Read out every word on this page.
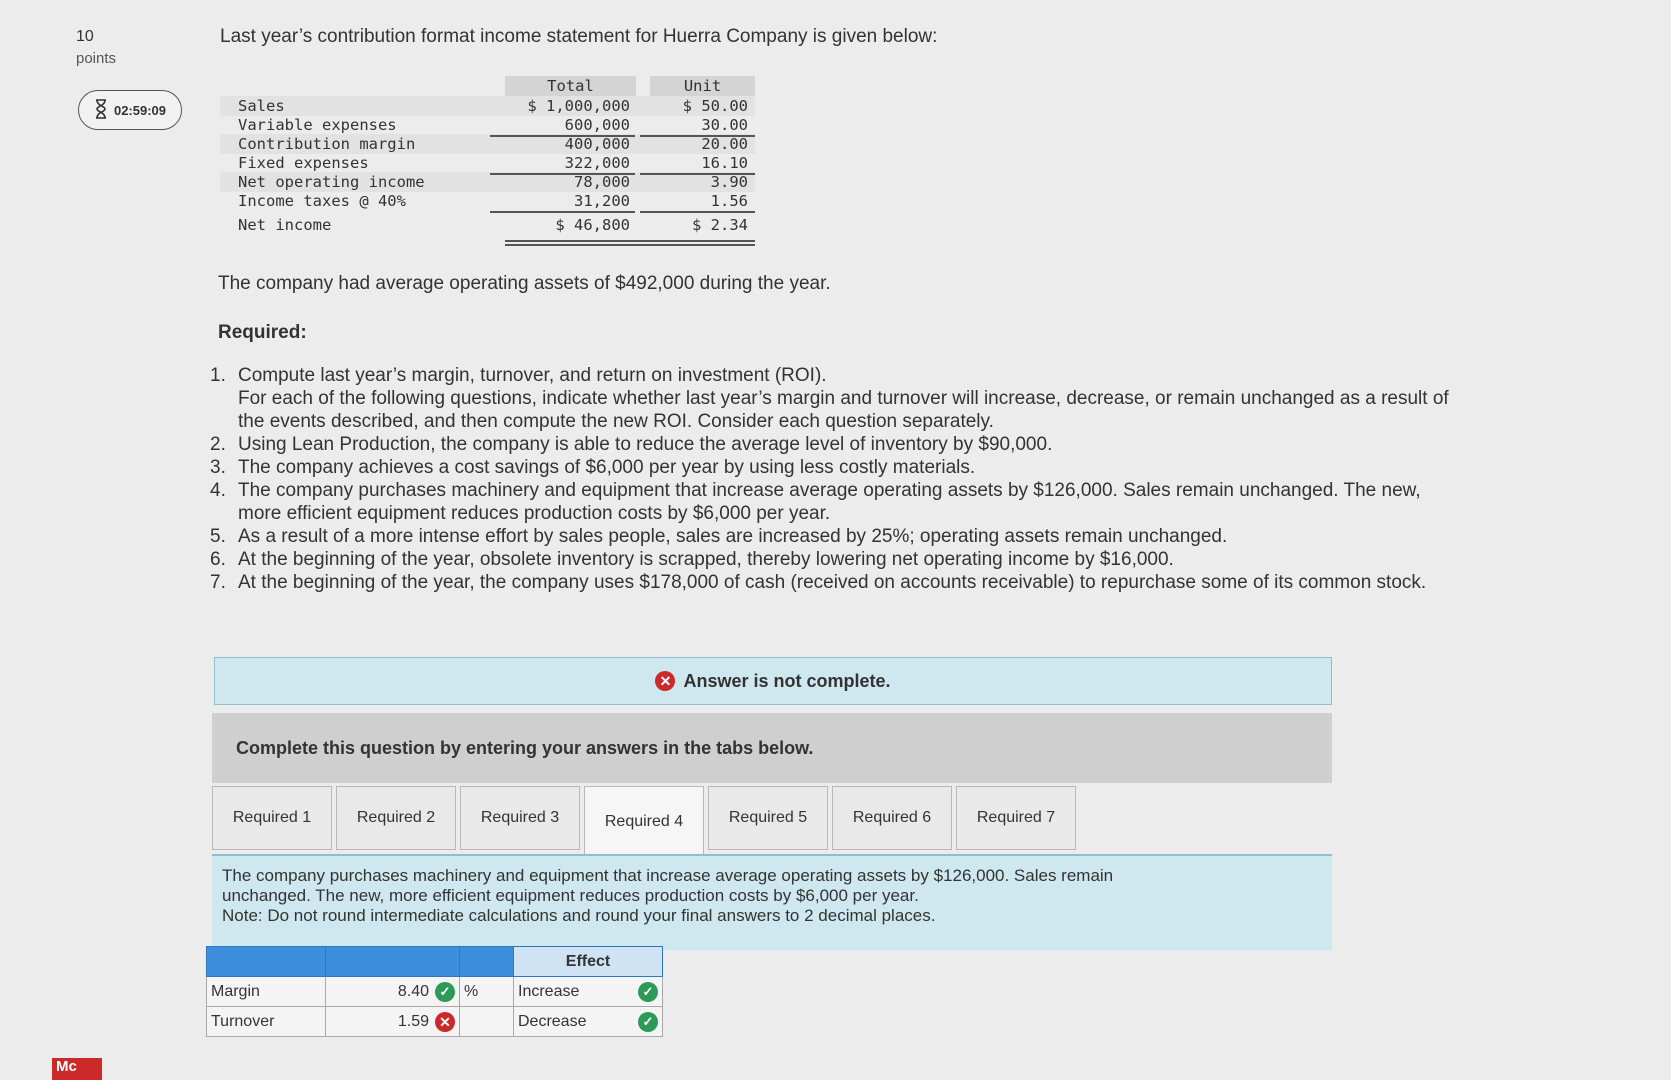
10
points
02:59:09
Last year’s contribution format income statement for Huerra Company is given below:
Total	Unit
Sales	$ 1,000,000	$ 50.00
Variable expenses	600,000	30.00
Contribution margin	400,000	20.00
Fixed expenses	322,000	16.10
Net operating income	78,000	3.90
Income taxes @ 40%	31,200	1.56
Net income	$ 46,800	$ 2.34
The company had average operating assets of $492,000 during the year.
Required:
1. Compute last year’s margin, turnover, and return on investment (ROI).
For each of the following questions, indicate whether last year’s margin and turnover will increase, decrease, or remain unchanged as a result of the events described, and then compute the new ROI. Consider each question separately.
2. Using Lean Production, the company is able to reduce the average level of inventory by $90,000.
3. The company achieves a cost savings of $6,000 per year by using less costly materials.
4. The company purchases machinery and equipment that increase average operating assets by $126,000. Sales remain unchanged. The new, more efficient equipment reduces production costs by $6,000 per year.
5. As a result of a more intense effort by sales people, sales are increased by 25%; operating assets remain unchanged.
6. At the beginning of the year, obsolete inventory is scrapped, thereby lowering net operating income by $16,000.
7. At the beginning of the year, the company uses $178,000 of cash (received on accounts receivable) to repurchase some of its common stock.
✕ Answer is not complete.
Complete this question by entering your answers in the tabs below.
Required 1	Required 2	Required 3	Required 4	Required 5	Required 6	Required 7
The company purchases machinery and equipment that increase average operating assets by $126,000. Sales remain
unchanged. The new, more efficient equipment reduces production costs by $6,000 per year.
Note: Do not round intermediate calculations and round your final answers to 2 decimal places.
			Effect
Margin	8.40 ✓	%	Increase ✓

Turnover	1.59 ✕		Decrease ✓
Mc
